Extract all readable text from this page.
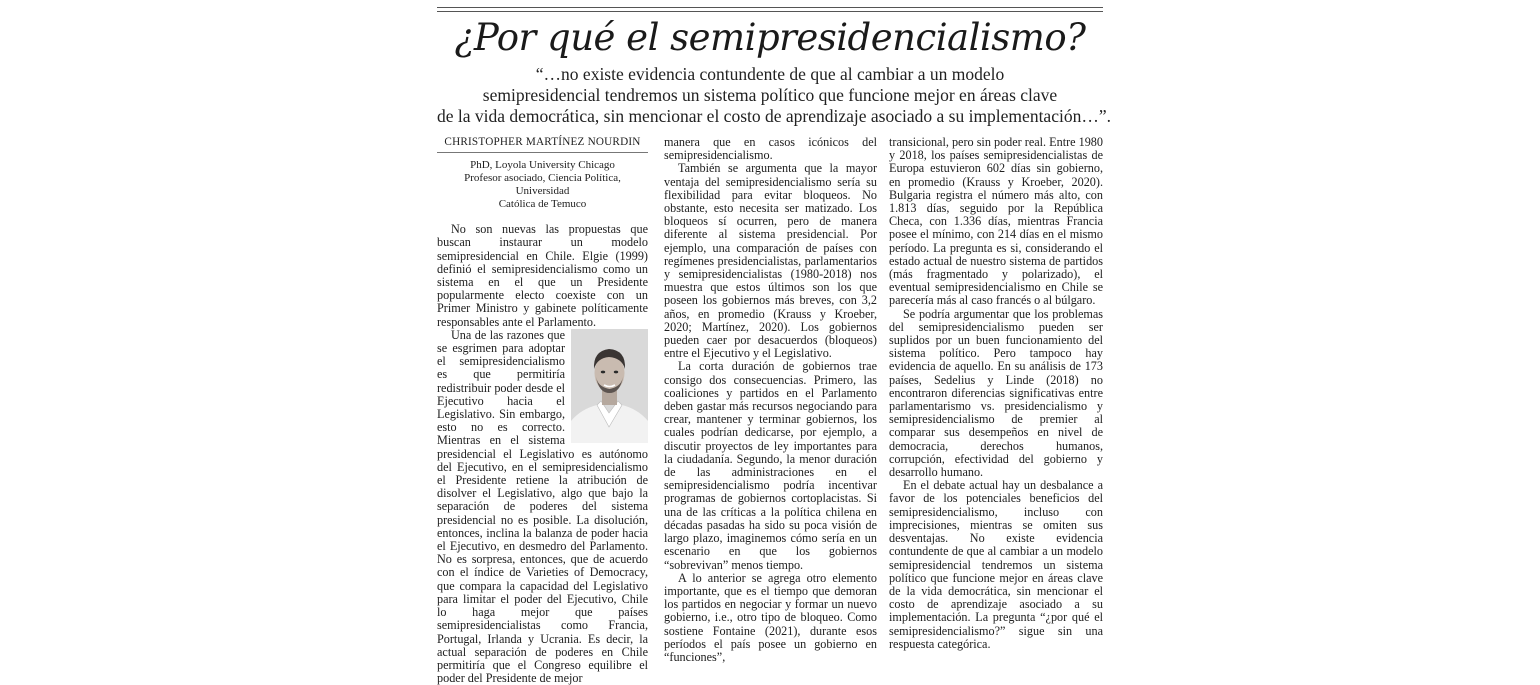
¿Por qué el semipresidencialismo?
“…no existe evidencia contundente de que al cambiar a un modelo
semipresidencial tendremos un sistema político que funcione mejor en áreas clave
de la vida democrática, sin mencionar el costo de aprendizaje asociado a su implementación…”.
CHRISTOPHER MARTÍNEZ NOURDIN
PhD, Loyola University Chicago
Profesor asociado, Ciencia Política, Universidad
Católica de Temuco

No son nuevas las propuestas que buscan instaurar un modelo semipresidencial en Chile. Elgie (1999) definió el semipresidencialismo como un sistema en el que un Presidente popularmente electo coexiste con un Primer Ministro y gabinete políticamente responsables ante el Parlamento.

Una de las razones que se esgrimen para adoptar el semipresidencialismo es que permitiría redistribuir poder desde el Ejecutivo hacia el Legislativo. Sin embargo, esto no es correcto. Mientras en el sistema presidencial el Legislativo es autónomo del Ejecutivo, en el semipresidencialismo el Presidente retiene la atribución de disolver el Legislativo, algo que bajo la separación de poderes del sistema presidencial no es posible. La disolución, entonces, inclina la balanza de poder hacia el Ejecutivo, en desmedro del Parlamento. No es sorpresa, entonces, que de acuerdo con el índice de Varieties of Democracy, que compara la capacidad del Legislativo para limitar el poder del Ejecutivo, Chile lo haga mejor que países semipresidencialistas como Francia, Portugal, Irlanda y Ucrania. Es decir, la actual separación de poderes en Chile permitiría que el Congreso equilibre el poder del Presidente de mejor

manera que en casos icónicos del semipresidencialismo.

También se argumenta que la mayor ventaja del semipresidencialismo sería su flexibilidad para evitar bloqueos. No obstante, esto necesita ser matizado. Los bloqueos sí ocurren, pero de manera diferente al sistema presidencial. Por ejemplo, una comparación de países con regímenes presidencialistas, parlamentarios y semipresidencialistas (1980-2018) nos muestra que estos últimos son los que poseen los gobiernos más breves, con 3,2 años, en promedio (Krauss y Kroeber, 2020; Martínez, 2020). Los gobiernos pueden caer por desacuerdos (bloqueos) entre el Ejecutivo y el Legislativo.

La corta duración de gobiernos trae consigo dos consecuencias. Primero, las coaliciones y partidos en el Parlamento deben gastar más recursos negociando para crear, mantener y terminar gobiernos, los cuales podrían dedicarse, por ejemplo, a discutir proyectos de ley importantes para la ciudadanía. Segundo, la menor duración de las administraciones en el semipresidencialismo podría incentivar programas de gobiernos cortoplacistas. Si una de las críticas a la política chilena en décadas pasadas ha sido su poca visión de largo plazo, imaginemos cómo sería en un escenario en que los gobiernos “sobrevivan” menos tiempo.

A lo anterior se agrega otro elemento importante, que es el tiempo que demoran los partidos en negociar y formar un nuevo gobierno, i.e., otro tipo de bloqueo. Como sostiene Fontaine (2021), durante esos períodos el país posee un gobierno en “funciones”,

transicional, pero sin poder real. Entre 1980 y 2018, los países semipresidencialistas de Europa estuvieron 602 días sin gobierno, en promedio (Krauss y Kroeber, 2020). Bulgaria registra el número más alto, con 1.813 días, seguido por la República Checa, con 1.336 días, mientras Francia posee el mínimo, con 214 días en el mismo período. La pregunta es si, considerando el estado actual de nuestro sistema de partidos (más fragmentado y polarizado), el eventual semipresidencialismo en Chile se parecería más al caso francés o al búlgaro.

Se podría argumentar que los problemas del semipresidencialismo pueden ser suplidos por un buen funcionamiento del sistema político. Pero tampoco hay evidencia de aquello. En su análisis de 173 países, Sedelius y Linde (2018) no encontraron diferencias significativas entre parlamentarismo vs. presidencialismo y semipresidencialismo de premier al comparar sus desempeños en nivel de democracia, derechos humanos, corrupción, efectividad del gobierno y desarrollo humano.

En el debate actual hay un desbalance a favor de los potenciales beneficios del semipresidencialismo, incluso con imprecisiones, mientras se omiten sus desventajas. No existe evidencia contundente de que al cambiar a un modelo semipresidencial tendremos un sistema político que funcione mejor en áreas clave de la vida democrática, sin mencionar el costo de aprendizaje asociado a su implementación. La pregunta “¿por qué el semipresidencialismo?” sigue sin una respuesta categórica.
